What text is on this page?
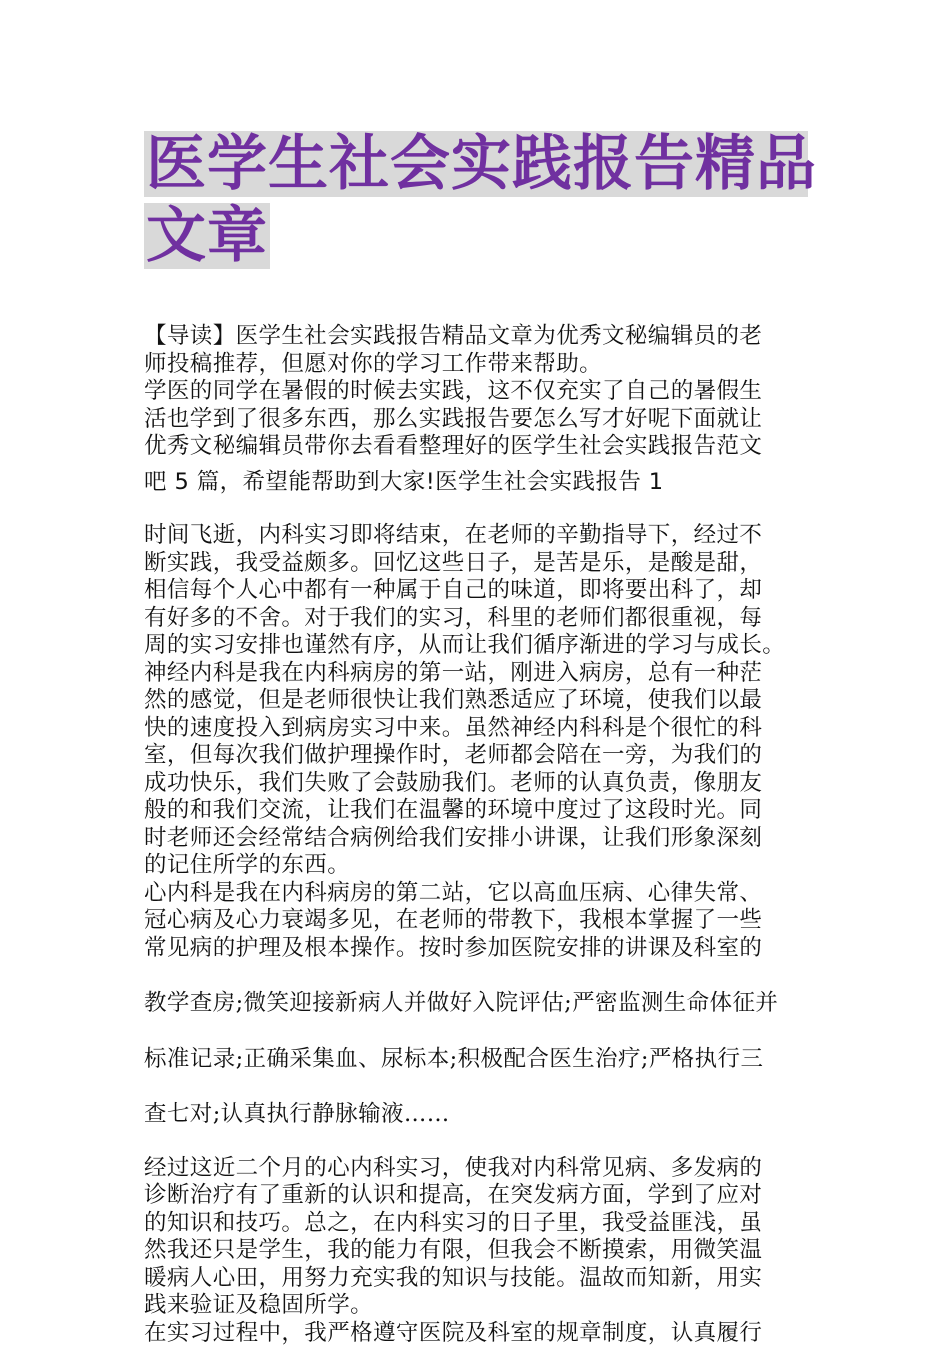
医学生社会实践报告精品
文章
【导读】医学生社会实践报告精品文章为优秀文秘编辑员的老
师投稿推荐，但愿对你的学习工作带来帮助。
学医的同学在暑假的时候去实践，这不仅充实了自己的暑假生
活也学到了很多东西，那么实践报告要怎么写才好呢下面就让
优秀文秘编辑员带你去看看整理好的医学生社会实践报告范文
吧 5 篇，希望能帮助到大家!医学生社会实践报告 1
时间飞逝，内科实习即将结束，在老师的辛勤指导下，经过不
断实践，我受益颇多。回忆这些日子，是苦是乐，是酸是甜，
相信每个人心中都有一种属于自己的味道，即将要出科了，却
有好多的不舍。对于我们的实习，科里的老师们都很重视，每
周的实习安排也谨然有序，从而让我们循序渐进的学习与成长。
神经内科是我在内科病房的第一站，刚进入病房，总有一种茫
然的感觉，但是老师很快让我们熟悉适应了环境，使我们以最
快的速度投入到病房实习中来。虽然神经内科科是个很忙的科
室，但每次我们做护理操作时，老师都会陪在一旁，为我们的
成功快乐，我们失败了会鼓励我们。老师的认真负责，像朋友
般的和我们交流，让我们在温馨的环境中度过了这段时光。同
时老师还会经常结合病例给我们安排小讲课，让我们形象深刻
的记住所学的东西。
心内科是我在内科病房的第二站，它以高血压病、心律失常、
冠心病及心力衰竭多见，在老师的带教下，我根本掌握了一些
常见病的护理及根本操作。按时参加医院安排的讲课及科室的
教学查房;微笑迎接新病人并做好入院评估;严密监测生命体征并
标准记录;正确采集血、尿标本;积极配合医生治疗;严格执行三
查七对;认真执行静脉输液……
经过这近二个月的心内科实习，使我对内科常见病、多发病的
诊断治疗有了重新的认识和提高，在突发病方面，学到了应对
的知识和技巧。总之，在内科实习的日子里，我受益匪浅，虽
然我还只是学生，我的能力有限，但我会不断摸索，用微笑温
暖病人心田，用努力充实我的知识与技能。温故而知新，用实
践来验证及稳固所学。
在实习过程中，我严格遵守医院及科室的规章制度，认真履行
